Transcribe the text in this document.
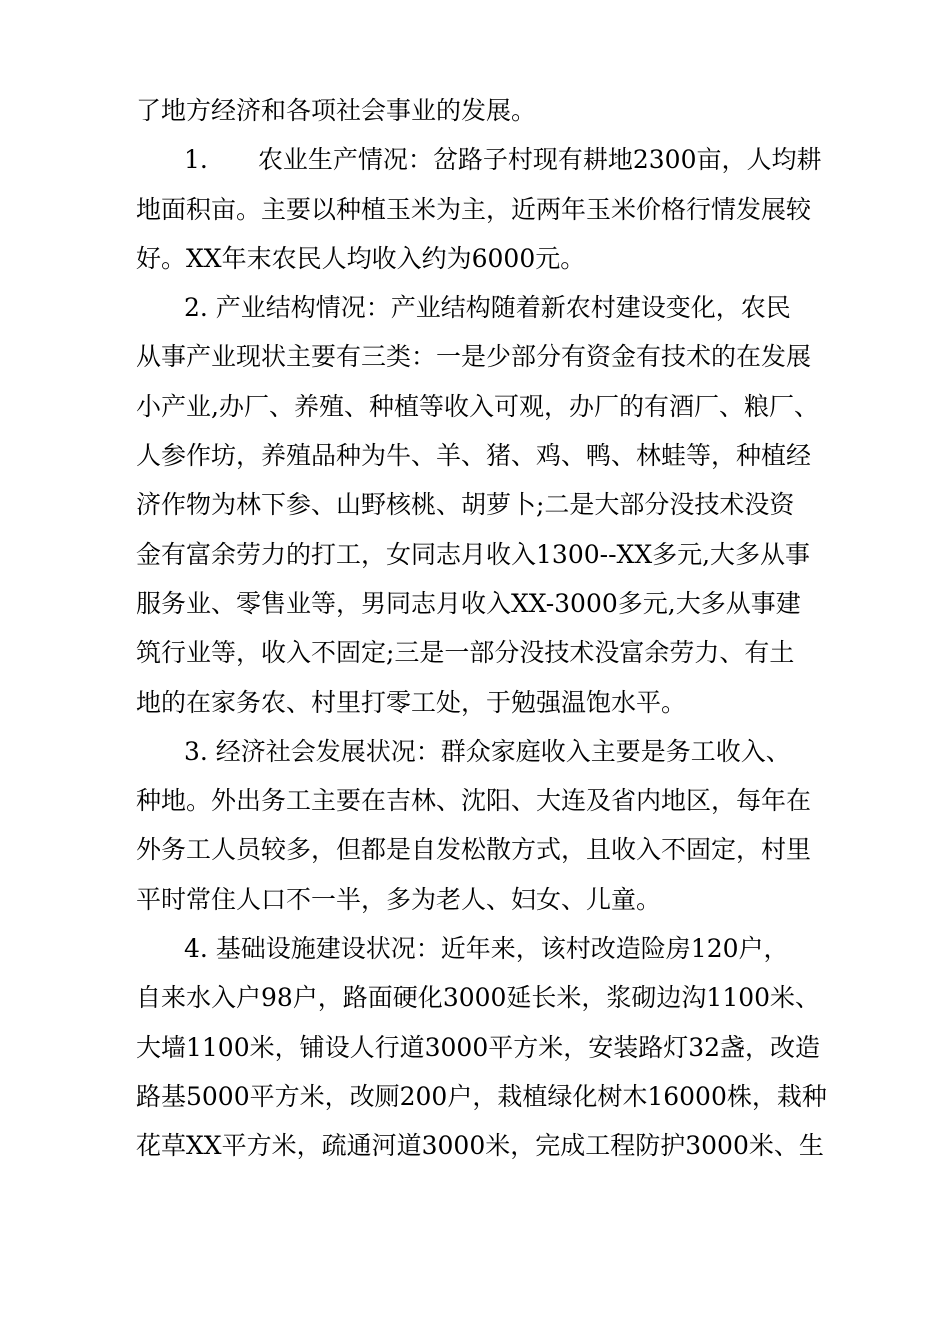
了地方经济和各项社会事业的发展。
1.　　农业生产情况：岔路子村现有耕地2300亩，人均耕
地面积亩。主要以种植玉米为主，近两年玉米价格行情发展较
好。XX年末农民人均收入约为6000元。
2. 产业结构情况：产业结构随着新农村建设变化，农民
从事产业现状主要有三类：一是少部分有资金有技术的在发展
小产业,办厂、养殖、种植等收入可观，办厂的有酒厂、粮厂、
人参作坊，养殖品种为牛、羊、猪、鸡、鸭、林蛙等，种植经
济作物为林下参、山野核桃、胡萝卜;二是大部分没技术没资
金有富余劳力的打工，女同志月收入1300--XX多元,大多从事
服务业、零售业等，男同志月收入XX-3000多元,大多从事建
筑行业等，收入不固定;三是一部分没技术没富余劳力、有土
地的在家务农、村里打零工处，于勉强温饱水平。
3. 经济社会发展状况：群众家庭收入主要是务工收入、
种地。外出务工主要在吉林、沈阳、大连及省内地区，每年在
外务工人员较多，但都是自发松散方式，且收入不固定，村里
平时常住人口不一半，多为老人、妇女、儿童。
4. 基础设施建设状况：近年来，该村改造险房120户，
自来水入户98户，路面硬化3000延长米，浆砌边沟1100米、
大墙1100米，铺设人行道3000平方米，安装路灯32盏，改造
路基5000平方米，改厕200户，栽植绿化树木16000株，栽种
花草XX平方米，疏通河道3000米，完成工程防护3000米、生
